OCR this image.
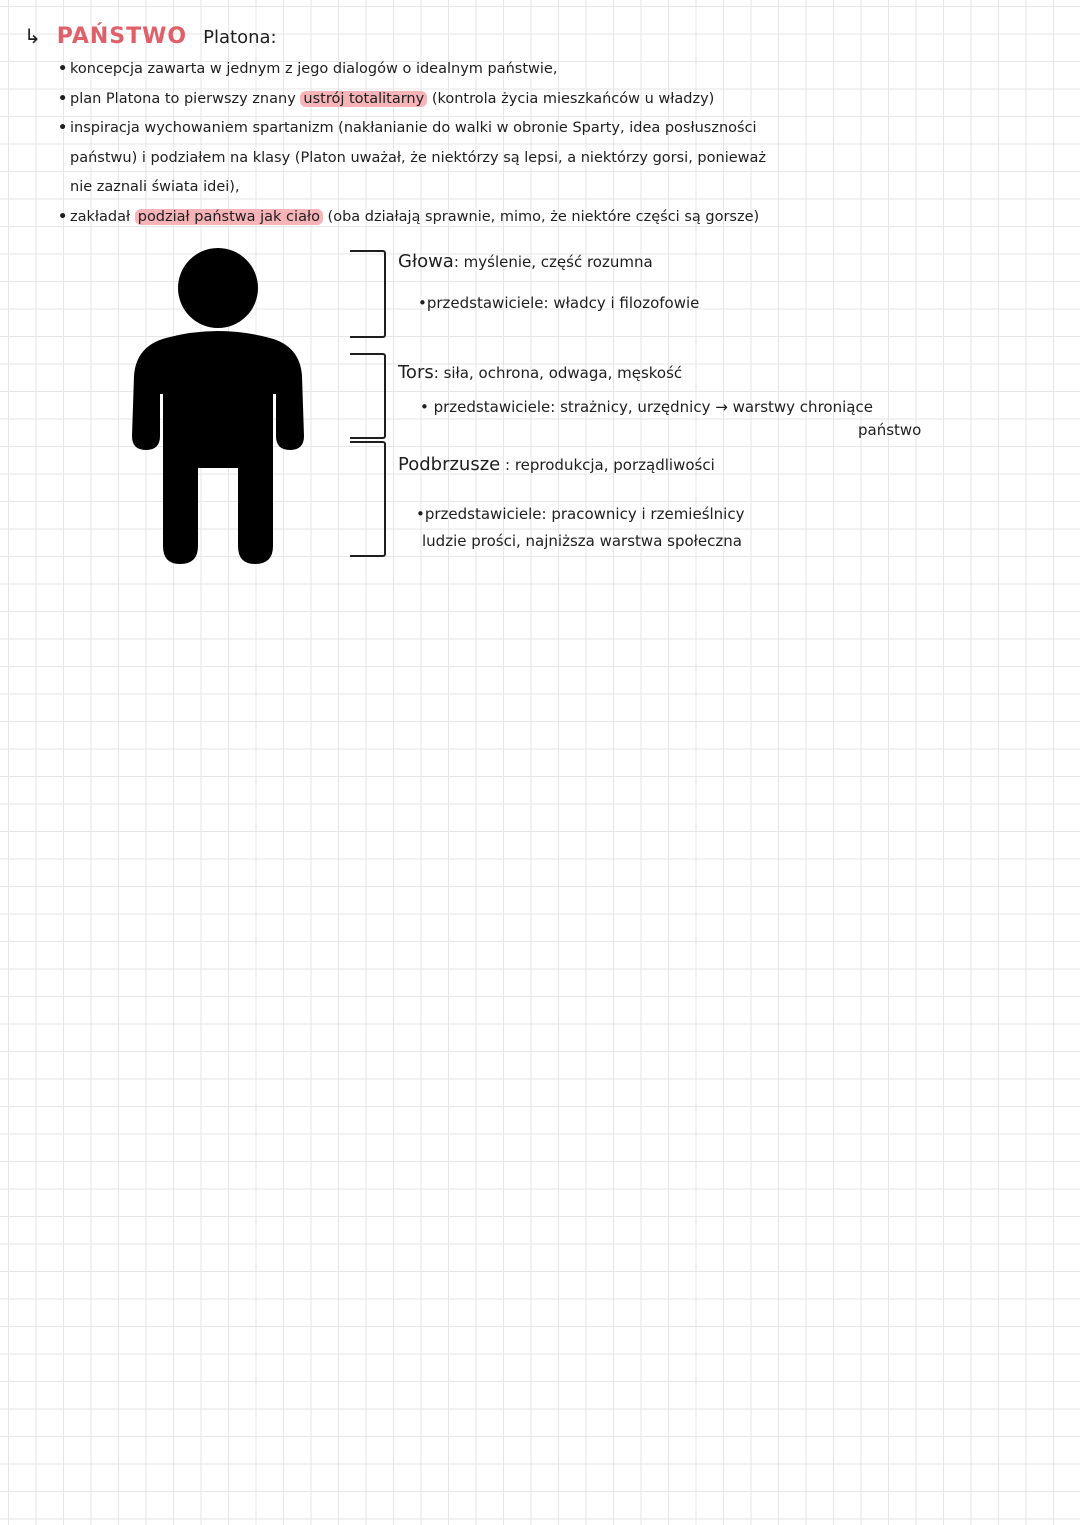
↳ PAŃSTWO Platona:
• koncepcja zawarta w jednym z jego dialogów o idealnym państwie,
• plan Platona to pierwszy znany ustrój totalitarny (kontrola życia mieszkańców u władzy)
• inspiracja wychowaniem spartanizm (nakłanianie do walki w obronie Sparty, idea posłuszności
państwu) i podziałem na klasy (Platon uważał, że niektórzy są lepsi, a niektórzy gorsi, ponieważ
nie zaznali świata idei),
• zakładał podział państwa jak ciało (oba działają sprawnie, mimo, że niektóre części są gorsze)
Głowa: myślenie, część rozumna
•przedstawiciele: władcy i filozofowie
Tors: siła, ochrona, odwaga, męskość
• przedstawiciele: strażnicy, urzędnicy → warstwy chroniące
państwo
Podbrzusze : reprodukcja, porządliwości
•przedstawiciele: pracownicy i rzemieślnicy
ludzie prości, najniższa warstwa społeczna
